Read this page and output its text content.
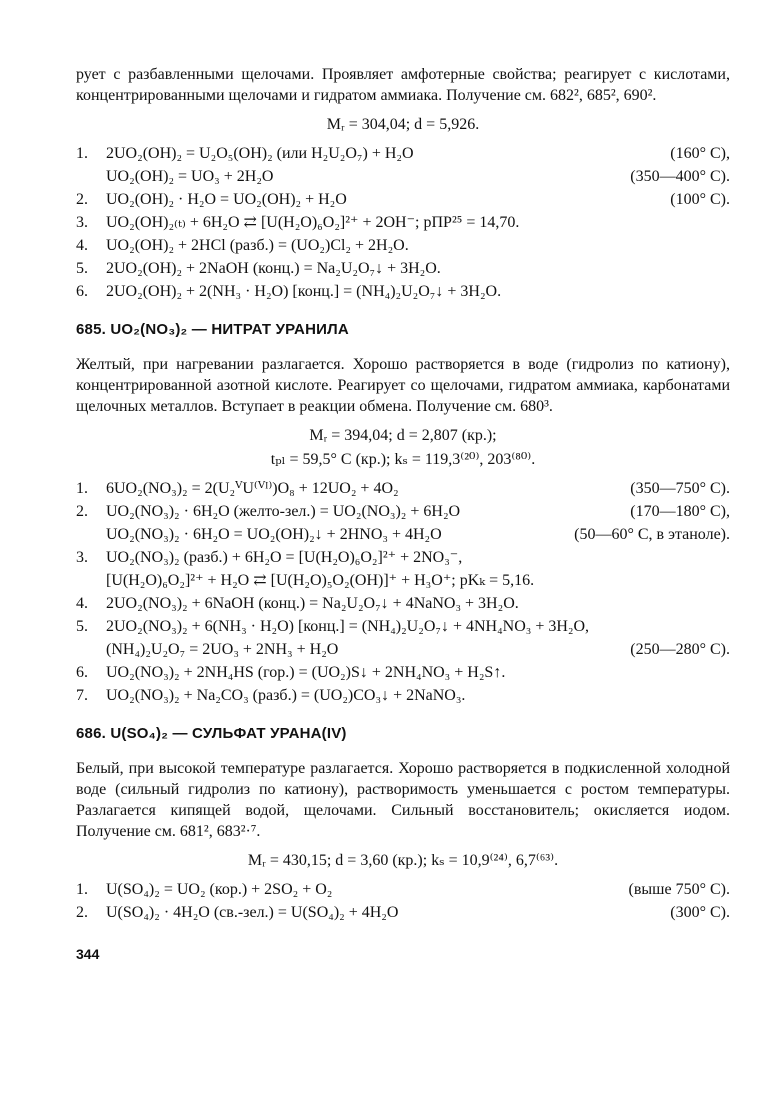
рует с разбавленными щелочами. Проявляет амфотерные свойства; реагирует с кислотами, концентрированными щелочами и гидратом аммиака. Получение см. 682², 685², 690².

Mᵣ = 304,04; d = 5,926.
1.	2UO₂(OH)₂ = U₂O₅(OH)₂ (или H₂U₂O₇) + H₂O	(160° C),
UO₂(OH)₂ = UO₃ + 2H₂O	(350—400° C).
2.	UO₂(OH)₂ · H₂O = UO₂(OH)₂ + H₂O	(100° C).
3.	UO₂(OH)₂₍ₜ₎ + 6H₂O ⇄ [U(H₂O)₆O₂]²⁺ + 2OH⁻; pПР²⁵ = 14,70.
4.	UO₂(OH)₂ + 2HCl (разб.) = (UO₂)Cl₂ + 2H₂O.
5.	2UO₂(OH)₂ + 2NaOH (конц.) = Na₂U₂O₇↓ + 3H₂O.
6.	2UO₂(OH)₂ + 2(NH₃ · H₂O) [конц.] = (NH₄)₂U₂O₇↓ + 3H₂O.
685. UO₂(NO₃)₂ — НИТРАТ УРАНИЛА

Желтый, при нагревании разлагается. Хорошо растворяется в воде (гидролиз по катиону), концентрированной азотной кислоте. Реагирует со щелочами, гидратом аммиака, карбонатами щелочных металлов. Вступает в реакции обмена. Получение см. 680³.

Mᵣ = 394,04; d = 2,807 (кр.);
tₚₗ = 59,5° C (кр.); kₛ = 119,3⁽²⁰⁾, 203⁽⁸⁰⁾.
1.	6UO₂(NO₃)₂ = 2(U₂ⱽU⁽ⱽᴵ⁾)O₈ + 12UO₂ + 4O₂	(350—750° C).
2.	UO₂(NO₃)₂ · 6H₂O (желто-зел.) = UO₂(NO₃)₂ + 6H₂O	(170—180° C),
UO₂(NO₃)₂ · 6H₂O = UO₂(OH)₂↓ + 2HNO₃ + 4H₂O	(50—60° C, в этаноле).
3.	UO₂(NO₃)₂ (разб.) + 6H₂O = [U(H₂O)₆O₂]²⁺ + 2NO₃⁻,
[U(H₂O)₆O₂]²⁺ + H₂O ⇄ [U(H₂O)₅O₂(OH)]⁺ + H₃O⁺; pKₖ = 5,16.
4.	2UO₂(NO₃)₂ + 6NaOH (конц.) = Na₂U₂O₇↓ + 4NaNO₃ + 3H₂O.
5.	2UO₂(NO₃)₂ + 6(NH₃ · H₂O) [конц.] = (NH₄)₂U₂O₇↓ + 4NH₄NO₃ + 3H₂O,
(NH₄)₂U₂O₇ = 2UO₃ + 2NH₃ + H₂O	(250—280° C).
6.	UO₂(NO₃)₂ + 2NH₄HS (гор.) = (UO₂)S↓ + 2NH₄NO₃ + H₂S↑.
7.	UO₂(NO₃)₂ + Na₂CO₃ (разб.) = (UO₂)CO₃↓ + 2NaNO₃.
686. U(SO₄)₂ — СУЛЬФАТ УРАНА(IV)

Белый, при высокой температуре разлагается. Хорошо растворяется в подкисленной холодной воде (сильный гидролиз по катиону), растворимость уменьшается с ростом температуры. Разлагается кипящей водой, щелочами. Сильный восстановитель; окисляется иодом. Получение см. 681², 683²·⁷.

Mᵣ = 430,15; d = 3,60 (кр.); kₛ = 10,9⁽²⁴⁾, 6,7⁽⁶³⁾.
1.	U(SO₄)₂ = UO₂ (кор.) + 2SO₂ + O₂	(выше 750° C).
2.	U(SO₄)₂ · 4H₂O (св.-зел.) = U(SO₄)₂ + 4H₂O	(300° C).
344
